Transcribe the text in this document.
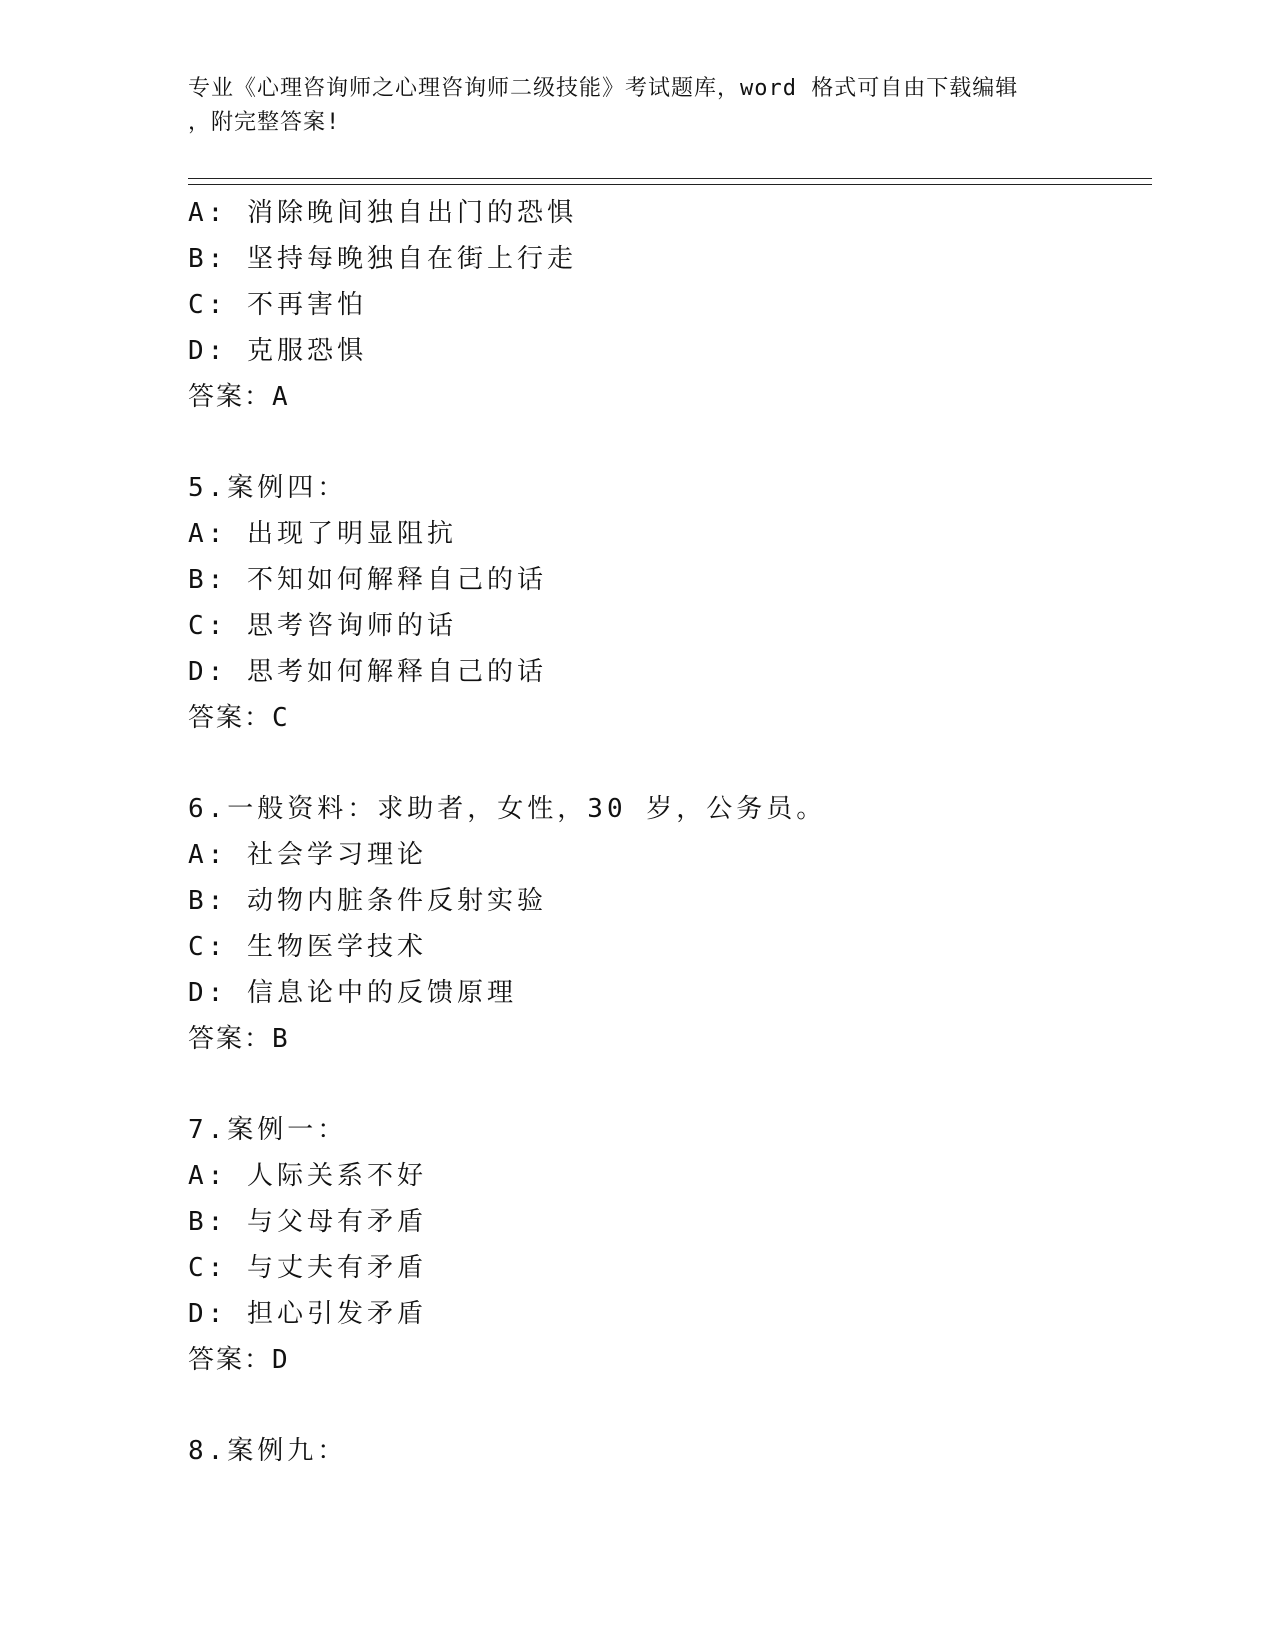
专业《心理咨询师之心理咨询师二级技能》考试题库，word 格式可自由下载编辑
，附完整答案!
A: 消除晚间独自出门的恐惧
B: 坚持每晚独自在街上行走
C: 不再害怕
D: 克服恐惧
答案：A
5.案例四：
A: 出现了明显阻抗
B: 不知如何解释自己的话
C: 思考咨询师的话
D: 思考如何解释自己的话
答案：C
6.一般资料：求助者，女性，30 岁，公务员。
A: 社会学习理论
B: 动物内脏条件反射实验
C: 生物医学技术
D: 信息论中的反馈原理
答案：B
7.案例一：
A: 人际关系不好
B: 与父母有矛盾
C: 与丈夫有矛盾
D: 担心引发矛盾
答案：D
8.案例九：
